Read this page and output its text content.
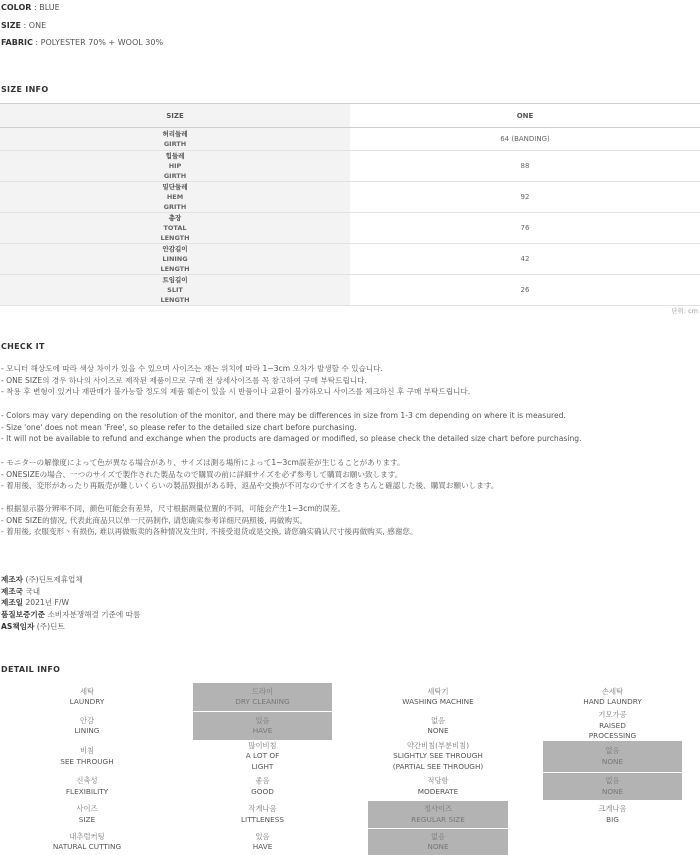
COLOR : BLUE
SIZE : ONE
FABRIC : POLYESTER 70% + WOOL 30%
SIZE INFO
SIZE	ONE
허리둘레
GIRTH
64 (BANDING)
힙둘레
HIP
GIRTH
88
밑단둘레
HEM
GRITH
92
총장
TOTAL
LENGTH
76
안감길이
LINING
LENGTH
42
트임길이
SLIT
LENGTH
26
단위: cm
CHECK IT
- 모니터 해상도에 따라 색상 차이가 있을 수 있으며 사이즈는 재는 위치에 따라 1~3cm 오차가 발생할 수 있습니다.
- ONE SIZE의 경우 하나의 사이즈로 제작된 제품이므로 구매 전 상세사이즈를 꼭 참고하여 구매 부탁드립니다.
- 착용 후 변형이 있거나 재판매가 불가능할 정도의 제품 훼손이 있을 시 반품이나 교환이 불가하오니 사이즈를 체크하신 후 구매 부탁드립니다.
- Colors may vary depending on the resolution of the monitor, and there may be differences in size from 1-3 cm depending on where it is measured.
- Size 'one' does not mean 'Free', so please refer to the detailed size chart before purchasing.
- It will not be available to refund and exchange when the products are damaged or modified, so please check the detailed size chart before purchasing.
- モニターの解像度によって色が異なる場合があり、サイズは測る場所によって1~3cm誤差が生じることがあります。
- ONESIZEの場合、一つのサイズで製作された製品なので購買の前に詳細サイズを必ず参考して購買お願い致します。
- 着用後、変形があったり再販売が難しいくらいの製品毀損がある時、返品や交換が不可なのでサイズをきちんと確認した後、購買お願いします。
- 根据显示器分辨率不同，颜色可能会有差异，尺寸根据测量位置的不同，可能会产生1~3cm的误差。
- ONE SIZE的情况, 代表此商品只以单一尺码制作, 请您确实参考详细尺码照後, 再做购买。
- 着用後, 衣服变形丶有损伤, 难以再做贩卖的各种情况发生时, 不接受退货或是交换, 请您确实确认尺寸後再做购买, 感谢您。
제조자 (주)딘트제휴업체
제조국 국내
제조일 2021년 F/W
품질보증기준 소비자분쟁해결 기준에 따름
AS책임자 (주)딘트
DETAIL INFO
세탁
LAUNDRY
드라이
DRY CLEANING
세탁기
WASHING MACHINE
손세탁
HAND LAUNDRY
안감
LINING
있음
HAVE
없음
NONE
기모가공
RAISED
PROCESSING
비침
SEE THROUGH
많이비침
A LOT OF
LIGHT
약간비침(부분비침)
SLIGHTLY SEE THROUGH
(PARTIAL SEE THROUGH)
없음
NONE
신축성
FLEXIBILITY
좋음
GOOD
적당함
MODERATE
없음
NONE
사이즈
SIZE
작게나옴
LITTLENESS
정사이즈
REGULAR SIZE
크게나옴
BIG
내추럴커팅
NATURAL CUTTING
있음
HAVE
없음
NONE
